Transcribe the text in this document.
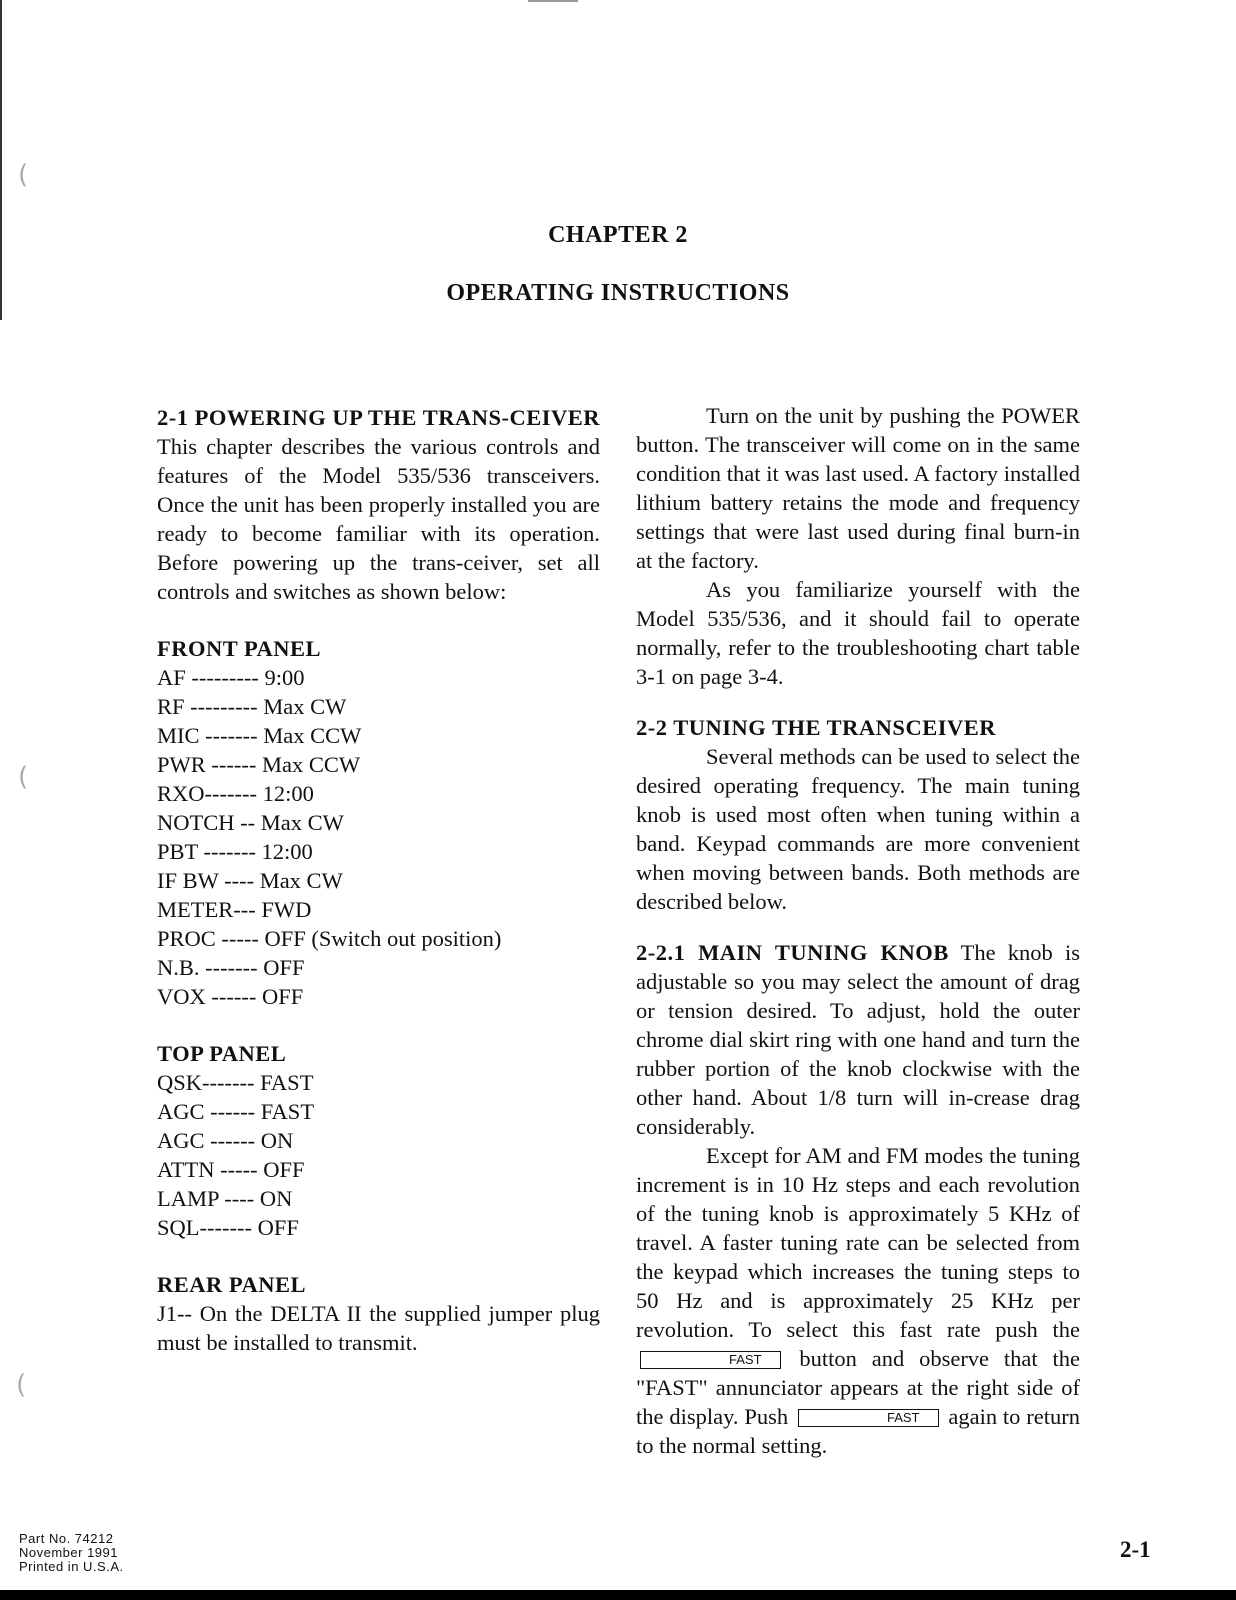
(
(
(
CHAPTER 2
OPERATING INSTRUCTIONS

2-1 POWERING UP THE TRANS-CEIVER This chapter describes the various controls and features of the Model 535/536 transceivers. Once the unit has been properly installed you are ready to become familiar with its operation. Before powering up the trans-ceiver, set all controls and switches as shown below:

FRONT PANEL
AF --------- 9:00
RF --------- Max CW
MIC ------- Max CCW
PWR ------ Max CCW
RXO------- 12:00
NOTCH -- Max CW
PBT ------- 12:00
IF BW ---- Max CW
METER--- FWD
PROC ----- OFF (Switch out position)
N.B. ------- OFF
VOX ------ OFF
TOP PANEL
QSK------- FAST
AGC ------ FAST
AGC ------ ON
ATTN ----- OFF
LAMP ---- ON
SQL------- OFF
REAR PANEL

J1-- On the DELTA II the supplied jumper plug must be installed to transmit.

Turn on the unit by pushing the POWER button. The transceiver will come on in the same condition that it was last used. A factory installed lithium battery retains the mode and frequency settings that were last used during final burn-in at the factory.

As you familiarize yourself with the Model 535/536, and it should fail to operate normally, refer to the troubleshooting chart table 3-1 on page 3-4.

2-2 TUNING THE TRANSCEIVER

Several methods can be used to select the desired operating frequency. The main tuning knob is used most often when tuning within a band. Keypad commands are more convenient when moving between bands. Both methods are described below.

2-2.1 MAIN TUNING KNOB The knob is adjustable so you may select the amount of drag or tension desired. To adjust, hold the outer chrome dial skirt ring with one hand and turn the rubber portion of the knob clockwise with the other hand. About 1/8 turn will in-crease drag considerably.

Except for AM and FM modes the tuning increment is in 10 Hz steps and each revolution of the tuning knob is approximately 5 KHz of travel. A faster tuning rate can be selected from the keypad which increases the tuning steps to 50 Hz and is approximately 25 KHz per revolution. To select this fast rate push the FAST button and observe that the "FAST" annunciator appears at the right side of the display. Push	FAST again to return to the normal setting.

Part No. 74212
November 1991
Printed in U.S.A.
2-1
